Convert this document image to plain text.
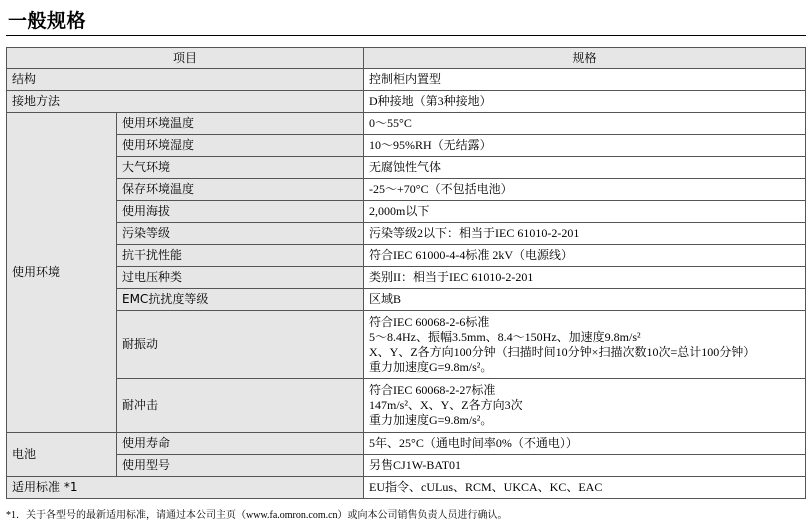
一般规格
项目		规格
结构		控制柜内置型
接地方法		D种接地（第3种接地）
使用环境	使用环境温度	0～55°C
	使用环境湿度	10～95%RH（无结露）
	大气环境	无腐蚀性气体
	保存环境温度	-25～+70°C（不包括电池）
	使用海拔	2,000m以下
	污染等级	污染等级2以下：相当于IEC 61010-2-201
	抗干扰性能	符合IEC 61000-4-4标准 2kV（电源线）
	过电压种类	类别II：相当于IEC 61010-2-201
	EMC抗扰度等级	区域B
	耐振动	符合IEC 60068-2-6标准
5～8.4Hz、振幅3.5mm、8.4～150Hz、加速度9.8m/s²
X、Y、Z各方向100分钟（扫描时间10分钟×扫描次数10次=总计100分钟）
重力加速度G=9.8m/s²。

	耐冲击	符合IEC 60068-2-27标准
147m/s²、X、Y、Z各方向3次
重力加速度G=9.8m/s²。

电池	使用寿命	5年、25°C（通电时间率0%（不通电））
	使用型号	另售CJ1W-BAT01
适用标准 *1		EU指令、cULus、RCM、UKCA、KC、EAC
*1．关于各型号的最新适用标准，请通过本公司主页（www.fa.omron.com.cn）或向本公司销售负责人员进行确认。
